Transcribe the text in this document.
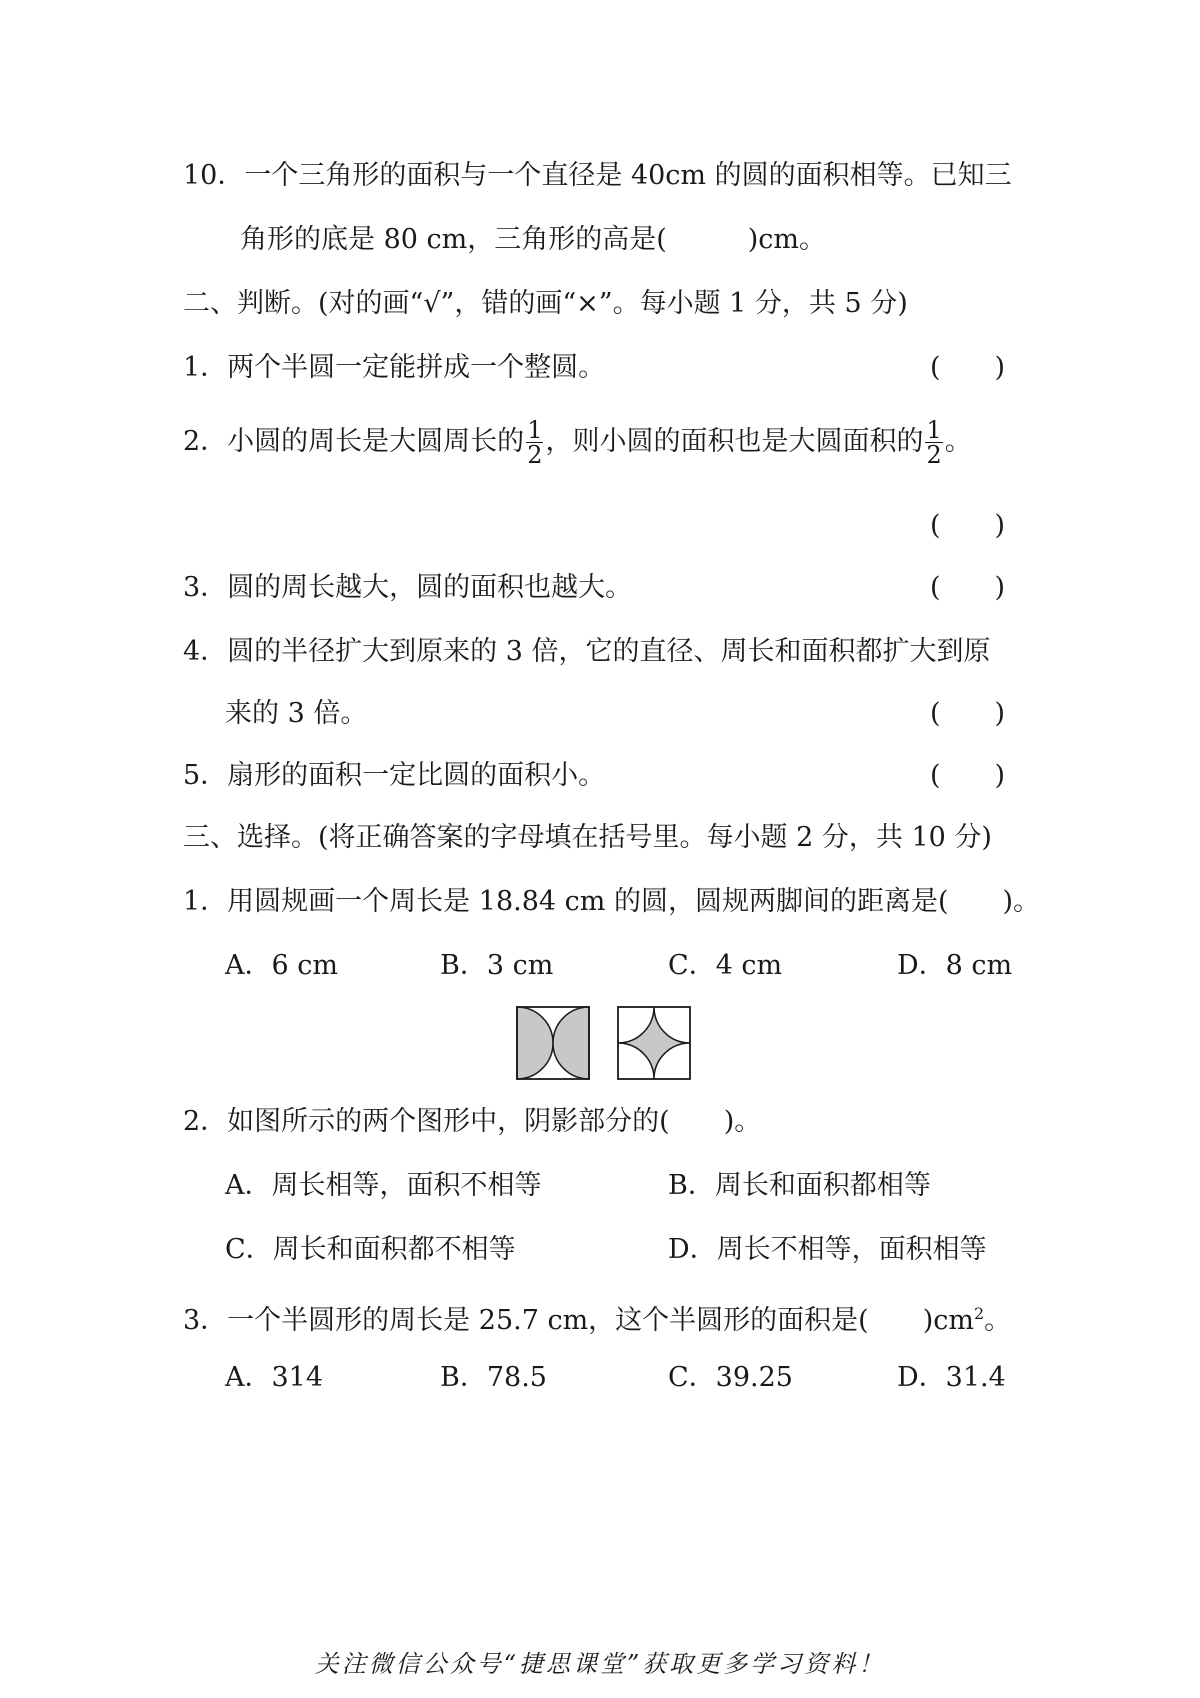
10．一个三角形的面积与一个直径是 40cm 的圆的面积相等。已知三
角形的底是 80 cm，三角形的高是(　　　)cm。
二、判断。(对的画“√”，错的画“×”。每小题 1 分，共 5 分)
1．两个半圆一定能拼成一个整圆。	(　　)
2．小圆的周长是大圆周长的 $\frac{1}{2}$ ，则小圆的面积也是大圆面积的 $\frac{1}{2}$ 。
(　　)
3．圆的周长越大，圆的面积也越大。	(　　)
4．圆的半径扩大到原来的 3 倍，它的直径、周长和面积都扩大到原
来的 3 倍。	(　　)
5．扇形的面积一定比圆的面积小。	(　　)
三、选择。(将正确答案的字母填在括号里。每小题 2 分，共 10 分)
1．用圆规画一个周长是 18.84 cm 的圆，圆规两脚间的距离是(　　)。
A．6 cm	B．3 cm	C．4 cm	D．8 cm
2．如图所示的两个图形中，阴影部分的(　　)。
A．周长相等，面积不相等	B．周长和面积都相等
C．周长和面积都不相等	D．周长不相等，面积相等
3．一个半圆形的周长是 25.7 cm，这个半圆形的面积是(　　)$cm^2$。
A．314	B．78.5	C．39.25	D．31.4
关注微信公众号“捷思课堂”获取更多学习资料！
